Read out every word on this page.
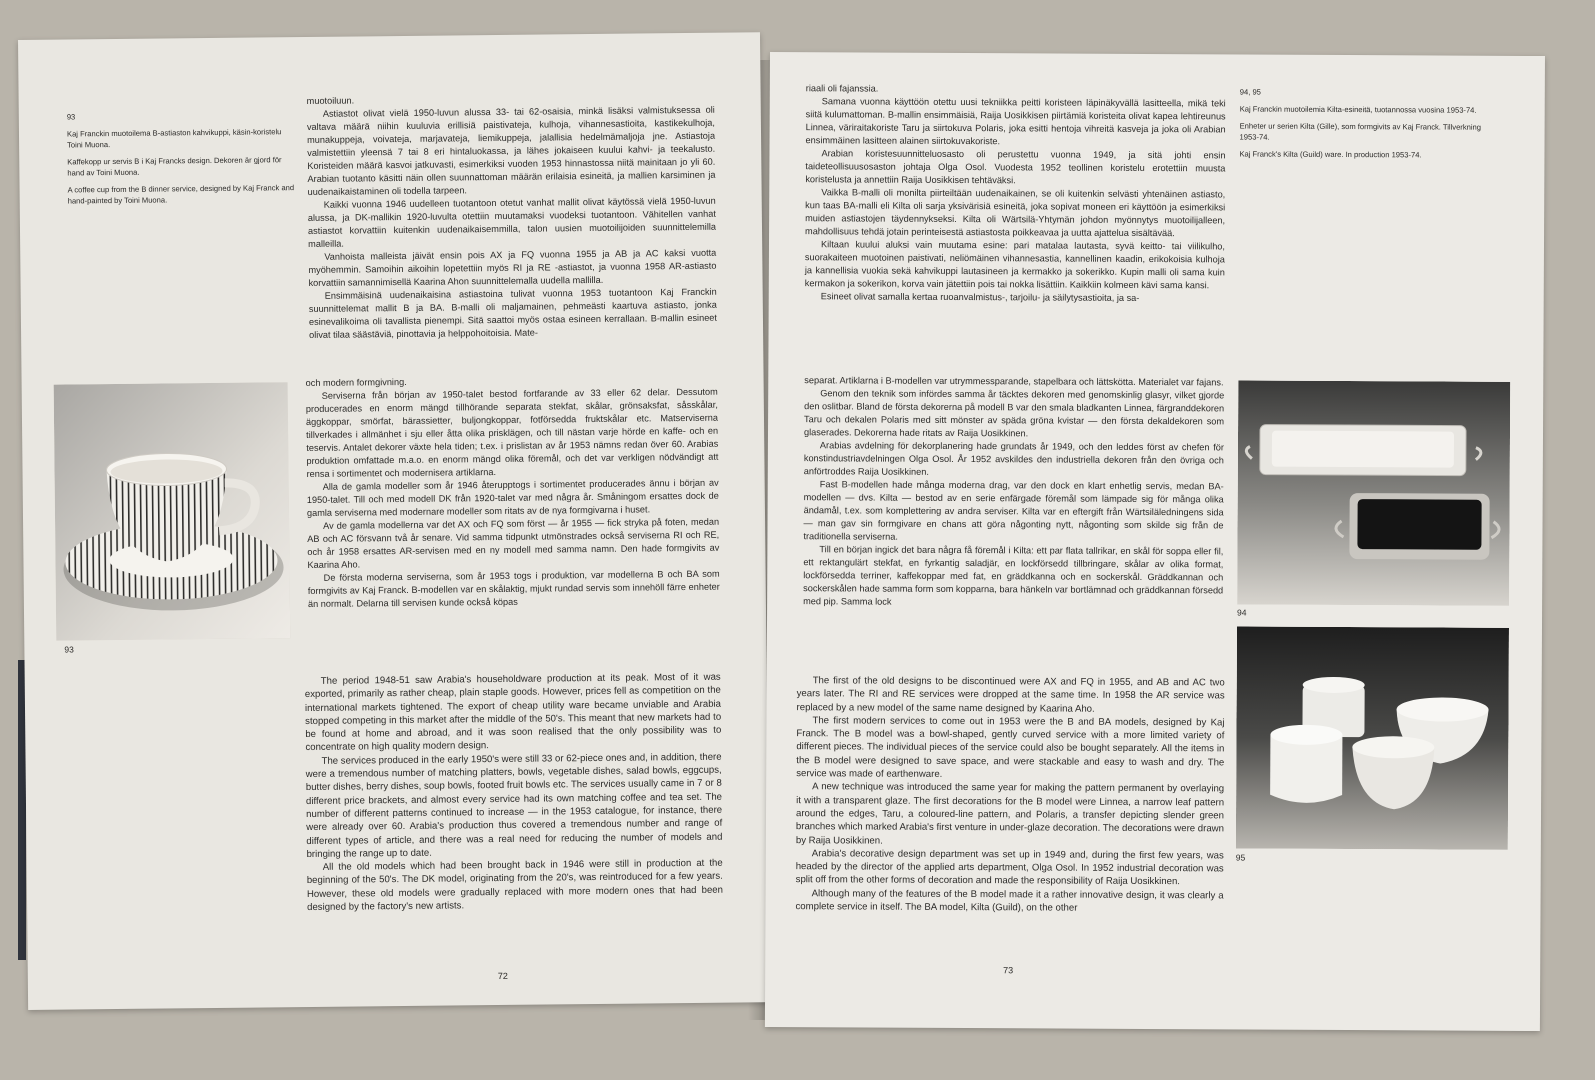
93

Kaj Franckin muotoilema B-astiaston kahvikuppi, käsin-koristelu Toini Muona.

Kaffekopp ur servis B i Kaj Francks design. Dekoren är gjord för hand av Toini Muona.

A coffee cup from the B dinner service, designed by Kaj Franck and hand-painted by Toini Muona.

muotoiluun.

Astiastot olivat vielä 1950-luvun alussa 33- tai 62-osaisia, minkä lisäksi valmistuksessa oli valtava määrä niihin kuuluvia erillisiä paistivateja, kulhoja, vihannesastioita, kastikekulhoja, munakuppeja, voivateja, marjavateja, liemikuppeja, jalallisia hedelmämaljoja jne. Astiastoja valmistettiin yleensä 7 tai 8 eri hintaluokassa, ja lähes jokaiseen kuului kahvi- ja teekalusto. Koristeiden määrä kasvoi jatkuvasti, esimerkiksi vuoden 1953 hinnastossa niitä mainitaan jo yli 60. Arabian tuotanto käsitti näin ollen suunnattoman määrän erilaisia esineitä, ja mallien karsiminen ja uudenaikaistaminen oli todella tarpeen.

Kaikki vuonna 1946 uudelleen tuotantoon otetut vanhat mallit olivat käytössä vielä 1950-luvun alussa, ja DK-mallikin 1920-luvulta otettiin muutamaksi vuodeksi tuotantoon. Vähitellen vanhat astiastot korvattiin kuitenkin uudenaikaisemmilla, talon uusien muotoilijoiden suunnittelemilla malleilla.

Vanhoista malleista jäivät ensin pois AX ja FQ vuonna 1955 ja AB ja AC kaksi vuotta myöhemmin. Samoihin aikoihin lopetettiin myös RI ja RE -astiastot, ja vuonna 1958 AR-astiasto korvattiin samannimisellä Kaarina Ahon suunnittelemalla uudella mallilla.

Ensimmäisinä uudenaikaisina astiastoina tulivat vuonna 1953 tuotantoon Kaj Franckin suunnittelemat mallit B ja BA. B-malli oli maljamainen, pehmeästi kaartuva astiasto, jonka esinevalikoima oli tavallista pienempi. Sitä saattoi myös ostaa esineen kerrallaan. B-mallin esineet olivat tilaa säästäviä, pinottavia ja helppohoitoisia. Mate-

93

och modern formgivning.

Serviserna från början av 1950-talet bestod fortfarande av 33 eller 62 delar. Dessutom producerades en enorm mängd tillhörande separata stekfat, skålar, grönsaksfat, såsskålar, äggkoppar, smörfat, bärassietter, buljongkoppar, fotförsedda fruktskålar etc. Matserviserna tillverkades i allmänhet i sju eller åtta olika prisklägen, och till nästan varje hörde en kaffe- och en teservis. Antalet dekorer växte hela tiden; t.ex. i prislistan av år 1953 nämns redan över 60. Arabias produktion omfattade m.a.o. en enorm mängd olika föremål, och det var verkligen nödvändigt att rensa i sortimentet och modernisera artiklarna.

Alla de gamla modeller som år 1946 återupptogs i sortimentet producerades ännu i början av 1950-talet. Till och med modell DK från 1920-talet var med några år. Småningom ersattes dock de gamla serviserna med modernare modeller som ritats av de nya formgivarna i huset.

Av de gamla modellerna var det AX och FQ som först — år 1955 — fick stryka på foten, medan AB och AC försvann två år senare. Vid samma tidpunkt utmönstrades också serviserna RI och RE, och år 1958 ersattes AR-servisen med en ny modell med samma namn. Den hade formgivits av Kaarina Aho.

De första moderna serviserna, som år 1953 togs i produktion, var modellerna B och BA som formgivits av Kaj Franck. B-modellen var en skålaktig, mjukt rundad servis som innehöll färre enheter än normalt. Delarna till servisen kunde också köpas

The period 1948-51 saw Arabia's householdware production at its peak. Most of it was exported, primarily as rather cheap, plain staple goods. However, prices fell as competition on the international markets tightened. The export of cheap utility ware became unviable and Arabia stopped competing in this market after the middle of the 50's. This meant that new markets had to be found at home and abroad, and it was soon realised that the only possibility was to concentrate on high quality modern design.

The services produced in the early 1950's were still 33 or 62-piece ones and, in addition, there were a tremendous number of matching platters, bowls, vegetable dishes, salad bowls, eggcups, butter dishes, berry dishes, soup bowls, footed fruit bowls etc. The services usually came in 7 or 8 different price brackets, and almost every service had its own matching coffee and tea set. The number of different patterns continued to increase — in the 1953 catalogue, for instance, there were already over 60. Arabia's production thus covered a tremendous number and range of different types of article, and there was a real need for reducing the number of models and bringing the range up to date.

All the old models which had been brought back in 1946 were still in production at the beginning of the 50's. The DK model, originating from the 20's, was reintroduced for a few years. However, these old models were gradually replaced with more modern ones that had been designed by the factory's new artists.

72

riaali oli fajanssia.

Samana vuonna käyttöön otettu uusi tekniikka peitti koristeen läpinäkyvällä lasitteella, mikä teki siitä kulumattoman. B-mallin ensimmäisiä, Raija Uosikkisen piirtämiä koristeita olivat kapea lehtireunus Linnea, väriraitakoriste Taru ja siirtokuva Polaris, joka esitti hentoja vihreitä kasveja ja joka oli Arabian ensimmäinen lasitteen alainen siirtokuvakoriste.

Arabian koristesuunnitteluosasto oli perustettu vuonna 1949, ja sitä johti ensin taideteollisuusosaston johtaja Olga Osol. Vuodesta 1952 teollinen koristelu erotettiin muusta koristelusta ja annettiin Raija Uosikkisen tehtäväksi.

Vaikka B-malli oli monilta piirteiltään uudenaikainen, se oli kuitenkin selvästi yhtenäinen astiasto, kun taas BA-malli eli Kilta oli sarja yksivärisiä esineitä, joka sopivat moneen eri käyttöön ja esimerkiksi muiden astiastojen täydennykseksi. Kilta oli Wärtsilä-Yhtymän johdon myönnytys muotoilijalleen, mahdollisuus tehdä jotain perinteisestä astiastosta poikkeavaa ja uutta ajattelua sisältävää.

Kiltaan kuului aluksi vain muutama esine: pari matalaa lautasta, syvä keitto- tai viilikulho, suorakaiteen muotoinen paistivati, neliömäinen vihannesastia, kannellinen kaadin, erikokoisia kulhoja ja kannellisia vuokia sekä kahvikuppi lautasineen ja kermakko ja sokerikko. Kupin malli oli sama kuin kermakon ja sokerikon, korva vain jätettiin pois tai nokka lisättiin. Kaikkiin kolmeen kävi sama kansi.

Esineet olivat samalla kertaa ruoanvalmistus-, tarjoilu- ja säilytysastioita, ja sa-

94, 95

Kaj Franckin muotoilemia Kilta-esineitä, tuotannossa vuosina 1953-74.

Enheter ur serien Kilta (Gille), som formgivits av Kaj Franck. Tillverkning 1953-74.

Kaj Franck's Kilta (Guild) ware. In production 1953-74.

separat. Artiklarna i B-modellen var utrymmessparande, stapelbara och lättskötta. Materialet var fajans.

Genom den teknik som infördes samma år täcktes dekoren med genomskinlig glasyr, vilket gjorde den oslitbar. Bland de första dekorerna på modell B var den smala bladkanten Linnea, färgranddekoren Taru och dekalen Polaris med sitt mönster av späda gröna kvistar — den första dekaldekoren som glaserades. Dekorerna hade ritats av Raija Uosikkinen.

Arabias avdelning för dekorplanering hade grundats år 1949, och den leddes först av chefen för konstindustriavdelningen Olga Osol. År 1952 avskildes den industriella dekoren från den övriga och anförtroddes Raija Uosikkinen.

Fast B-modellen hade många moderna drag, var den dock en klart enhetlig servis, medan BA-modellen — dvs. Kilta — bestod av en serie enfärgade föremål som lämpade sig för många olika ändamål, t.ex. som komplettering av andra serviser. Kilta var en eftergift från Wärtsiläledningens sida — man gav sin formgivare en chans att göra någonting nytt, någonting som skilde sig från de traditionella serviserna.

Till en början ingick det bara några få föremål i Kilta: ett par flata tallrikar, en skål för soppa eller fil, ett rektangulärt stekfat, en fyrkantig saladjär, en lockförsedd tillbringare, skålar av olika format, lockförsedda terriner, kaffekoppar med fat, en gräddkanna och en sockerskål. Gräddkannan och sockerskålen hade samma form som kopparna, bara hänkeln var bortlämnad och gräddkannan försedd med pip. Samma lock

94
95

The first of the old designs to be discontinued were AX and FQ in 1955, and AB and AC two years later. The RI and RE services were dropped at the same time. In 1958 the AR service was replaced by a new model of the same name designed by Kaarina Aho.

The first modern services to come out in 1953 were the B and BA models, designed by Kaj Franck. The B model was a bowl-shaped, gently curved service with a more limited variety of different pieces. The individual pieces of the service could also be bought separately. All the items in the B model were designed to save space, and were stackable and easy to wash and dry. The service was made of earthenware.

A new technique was introduced the same year for making the pattern permanent by overlaying it with a transparent glaze. The first decorations for the B model were Linnea, a narrow leaf pattern around the edges, Taru, a coloured-line pattern, and Polaris, a transfer depicting slender green branches which marked Arabia's first venture in under-glaze decoration. The decorations were drawn by Raija Uosikkinen.

Arabia's decorative design department was set up in 1949 and, during the first few years, was headed by the director of the applied arts department, Olga Osol. In 1952 industrial decoration was split off from the other forms of decoration and made the responsibility of Raija Uosikkinen.

Although many of the features of the B model made it a rather innovative design, it was clearly a complete service in itself. The BA model, Kilta (Guild), on the other

73
